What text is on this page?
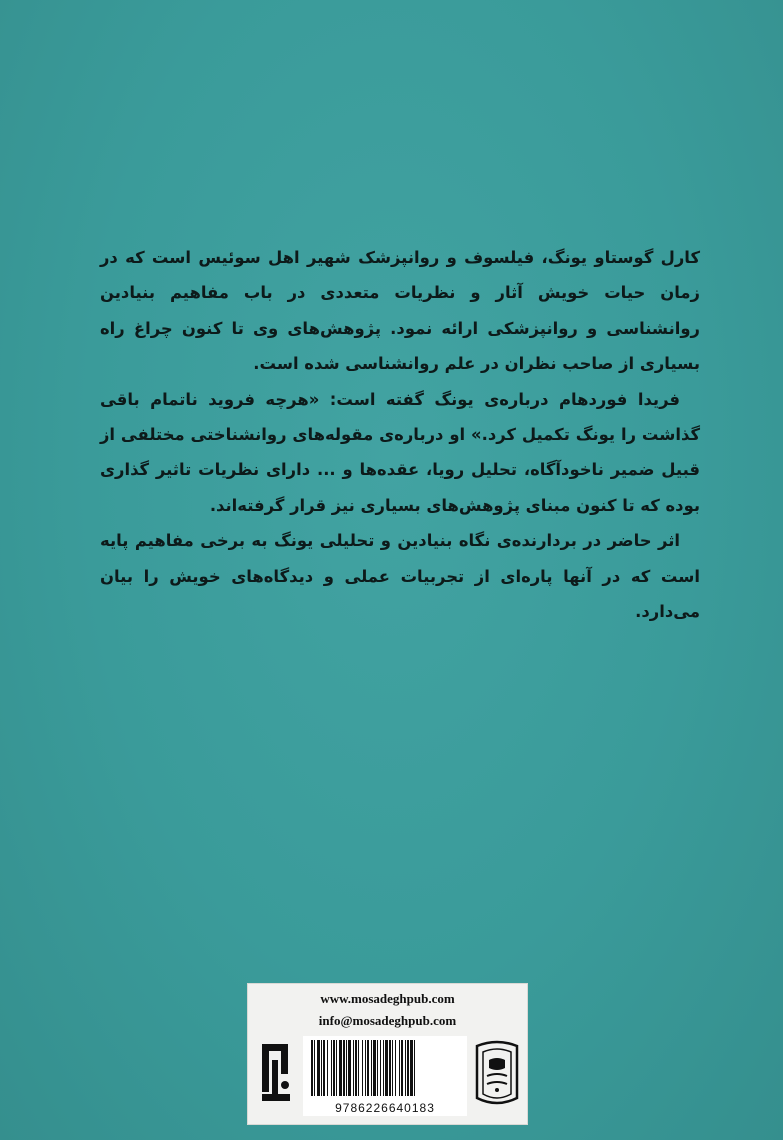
کارل گوستاو یونگ، فیلسوف و روانپزشک شهیر اهل سوئیس است که در زمان حیات خویش آثار و نظریات متعددی در باب مفاهیم بنیادین روانشناسی و روانپزشکی ارائه نمود. پژوهش‌های وی تا کنون چراغ راه بسیاری از صاحب نظران در علم روانشناسی شده است.

فریدا فوردهام درباره‌ی یونگ گفته است: «هرچه فروید ناتمام باقی گذاشت را یونگ تکمیل کرد.» او درباره‌ی مقوله‌های روانشناختی مختلفی از قبیل ضمیر ناخودآگاه، تحلیل رویا، عقده‌ها و ... دارای نظریات تاثیر گذاری بوده که تا کنون مبنای پژوهش‌های بسیاری نیز قرار گرفته‌اند.

اثر حاضر در بردارنده‌ی نگاه بنیادین و تحلیلی یونگ به برخی مفاهیم پایه است که در آنها پاره‌ای از تجربیات عملی و دیدگاه‌های خویش را بیان می‌دارد.

www.mosadeghpub.com
info@mosadeghpub.com
9786226640183
